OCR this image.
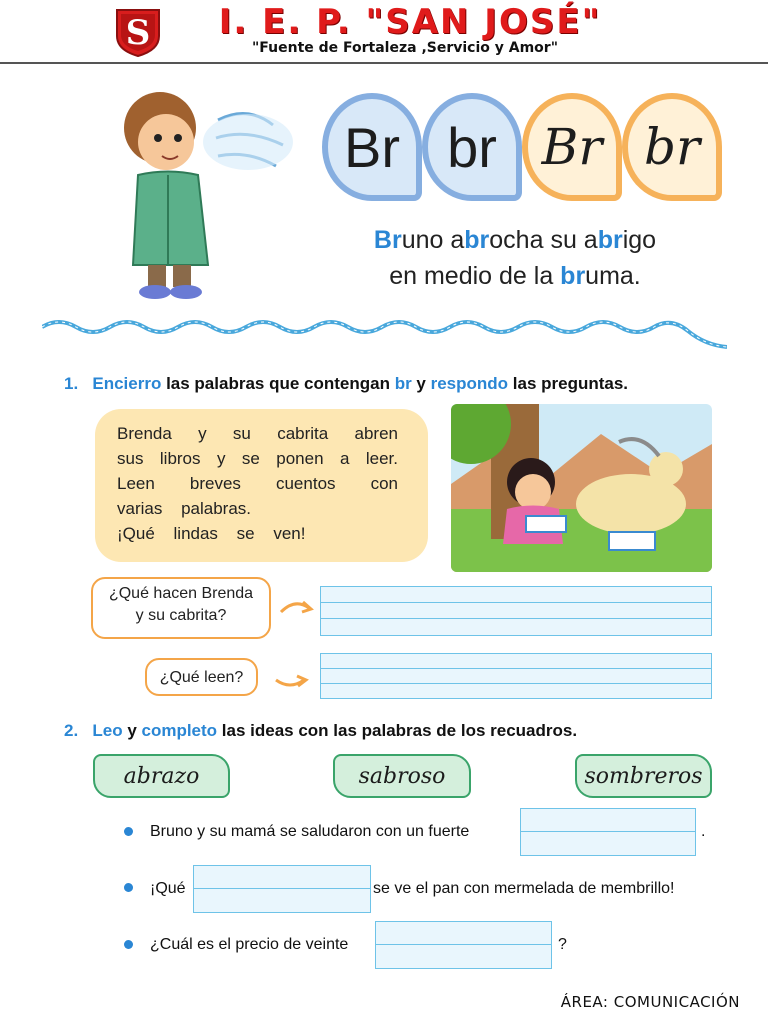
S	I. E. P. "SAN JOSÉ"
"Fuente de Fortaleza ,Servicio y Amor"
Br br Br br
Bruno abrocha su abrigo
en medio de la bruma.
1. Encierro las palabras que contengan br y respondo las preguntas.

Brenda y su cabrita abren

sus libros y se ponen a leer.

Leen breves cuentos con

varias palabras.

¡Qué lindas se ven!

¿Qué hacen Brenda
y su cabrita?
¿Qué leen?
2. Leo y completo las ideas con las palabras de los recuadros.
abrazo	sabroso	sombreros
Bruno y su mamá se saludaron con un fuerte	.
¡Qué	se ve el pan con mermelada de membrillo!
¿Cuál es el precio de veinte	?
ÁREA: COMUNICACIÓN
